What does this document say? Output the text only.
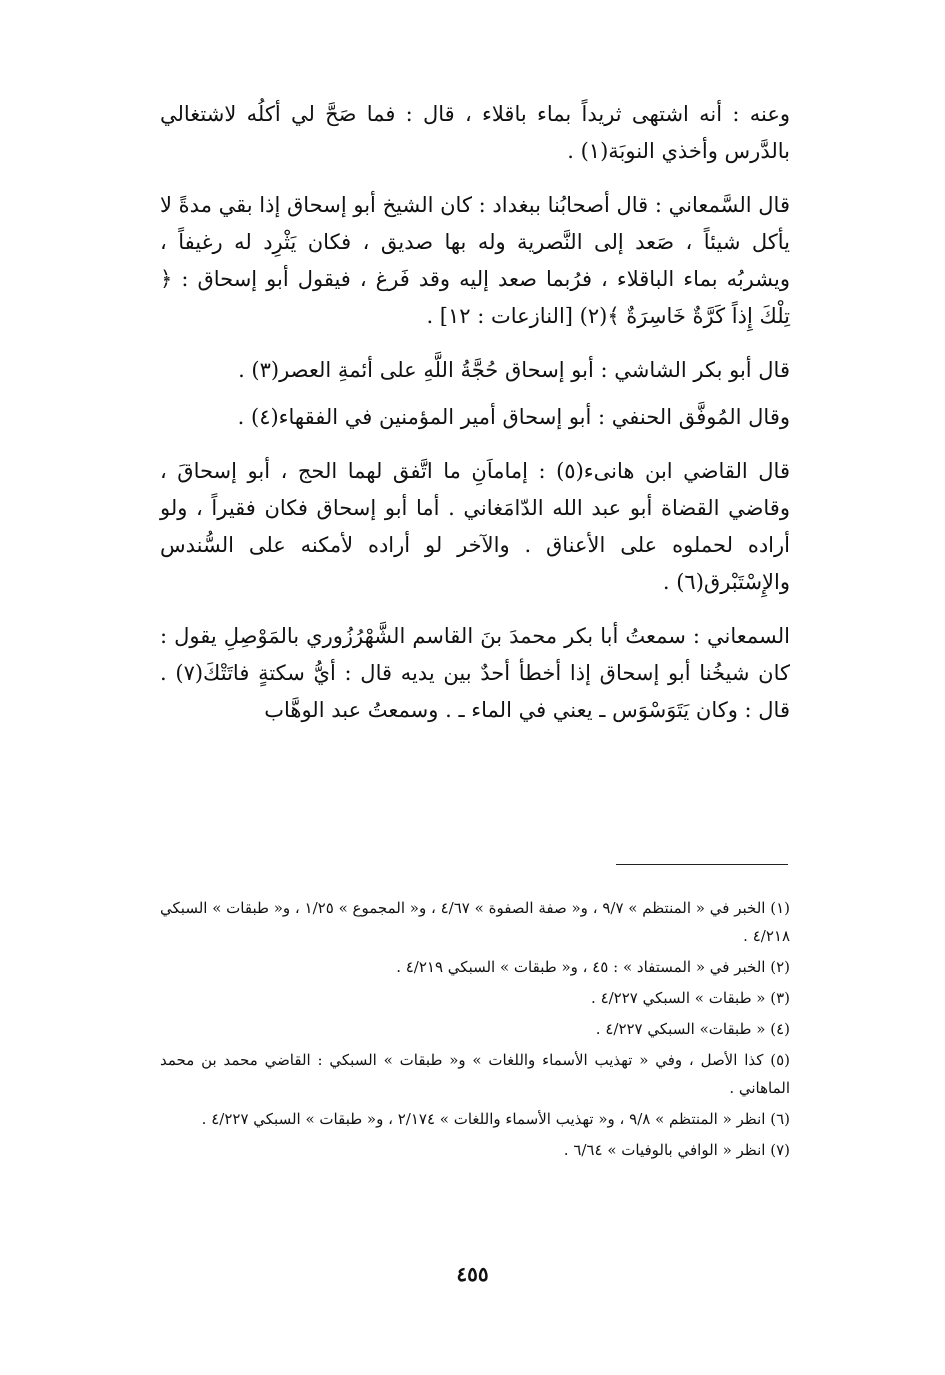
وعنه : أنه اشتهى ثريداً بماء باقلاء ، قال : فما صَحَّ لي أكلُه لاشتغالي بالدَّرس وأخذي النوبَة(١) .

قال السَّمعاني : قال أصحابُنا ببغداد : كان الشيخ أبو إسحاق إذا بقي مدةً لا يأكل شيئاً ، صَعد إلى النَّصرية وله بها صديق ، فكان يَثْرِد له رغيفاً ، ويشربُه بماء الباقلاء ، فرُبما صعد إليه وقد فَرغ ، فيقول أبو إسحاق : ﴿ تِلْكَ إِذاً كَرَّةٌ خَاسِرَةٌ ﴾(٢) [النازعات : ١٢] .

قال أبو بكر الشاشي : أبو إسحاق حُجَّةُ اللَّهِ على أئمةِ العصر(٣) .

وقال المُوفَّق الحنفي : أبو إسحاق أمير المؤمنين في الفقهاء(٤) .

قال القاضي ابن هانىء(٥) : إماماَنِ ما اتَّفق لهما الحج ، أبو إسحاقَ ، وقاضي القضاة أبو عبد الله الدّامَغاني . أما أبو إسحاق فكان فقيراً ، ولو أراده لحملوه على الأعناق . والآخر لو أراده لأمكنه على السُّندس والإِسْتَبْرق(٦) .

السمعاني : سمعتُ أبا بكر محمدَ بنَ القاسم الشَّهْرُزُوري بالمَوْصِلِ يقول : كان شيخُنا أبو إسحاق إذا أخطأ أحدٌ بين يديه قال : أيُّ سكتةٍ فاتَتْكَ(٧) . قال : وكان يَتَوَسْوَس ـ يعني في الماء ـ . وسمعتُ عبد الوهَّاب

(١) الخبر في « المنتظم » ٩/٧ ، و« صفة الصفوة » ٤/٦٧ ، و« المجموع » ١/٢٥ ، و« طبقات » السبكي ٤/٢١٨ .

(٢) الخبر في « المستفاد » : ٤٥ ، و« طبقات » السبكي ٤/٢١٩ .

(٣) « طبقات » السبكي ٤/٢٢٧ .

(٤) « طبقات» السبكي ٤/٢٢٧ .

(٥) كذا الأصل ، وفي « تهذيب الأسماء واللغات » و« طبقات » السبكي : القاضي محمد بن محمد الماهاني .

(٦) انظر « المنتظم » ٩/٨ ، و« تهذيب الأسماء واللغات » ٢/١٧٤ ، و« طبقات » السبكي ٤/٢٢٧ .

(٧) انظر « الوافي بالوفيات » ٦/٦٤ .

٤٥٥
